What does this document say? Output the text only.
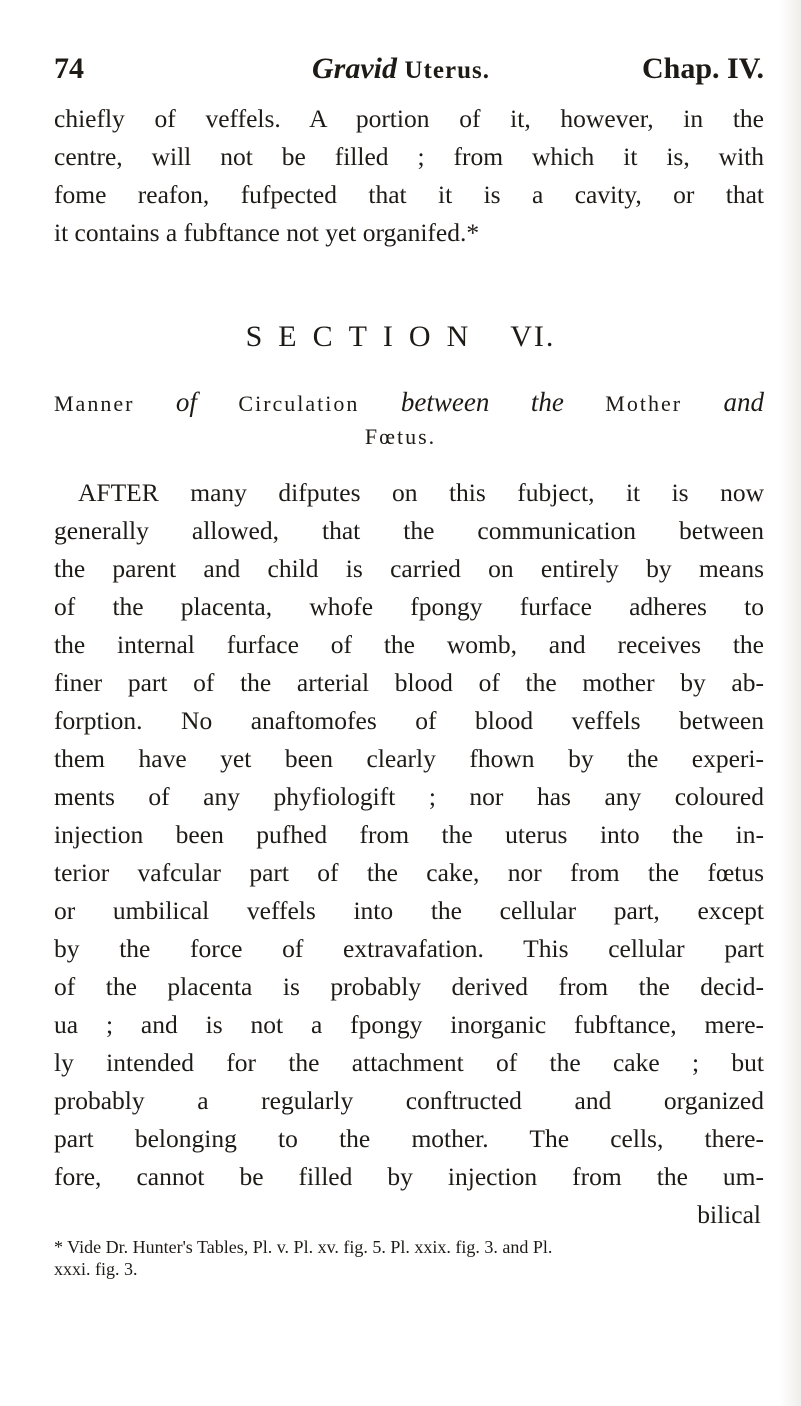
74	Gravid Uterus.	Chap. IV.
chiefly of veffels. A portion of it, however, in the
centre, will not be filled ; from which it is, with
fome reafon, fufpected that it is a cavity, or that
it contains a fubftance not yet organifed.*
SECTION VI.
Manner of Circulation between the Mother and
Fœtus.
AFTER many difputes on this fubject, it is now
generally allowed, that the communication between
the parent and child is carried on entirely by means
of the placenta, whofe fpongy furface adheres to
the internal furface of the womb, and receives the
finer part of the arterial blood of the mother by ab-
forption. No anaftomofes of blood veffels between
them have yet been clearly fhown by the experi-
ments of any phyfiologift ; nor has any coloured
injection been pufhed from the uterus into the in-
terior vafcular part of the cake, nor from the fœtus
or umbilical veffels into the cellular part, except
by the force of extravafation. This cellular part
of the placenta is probably derived from the decid-
ua ; and is not a fpongy inorganic fubftance, mere-
ly intended for the attachment of the cake ; but
probably a regularly conftructed and organized
part belonging to the mother. The cells, there-
fore, cannot be filled by injection from the um-
bilical
* Vide Dr. Hunter's Tables, Pl. v. Pl. xv. fig. 5. Pl. xxix. fig. 3. and Pl.
xxxi. fig. 3.
